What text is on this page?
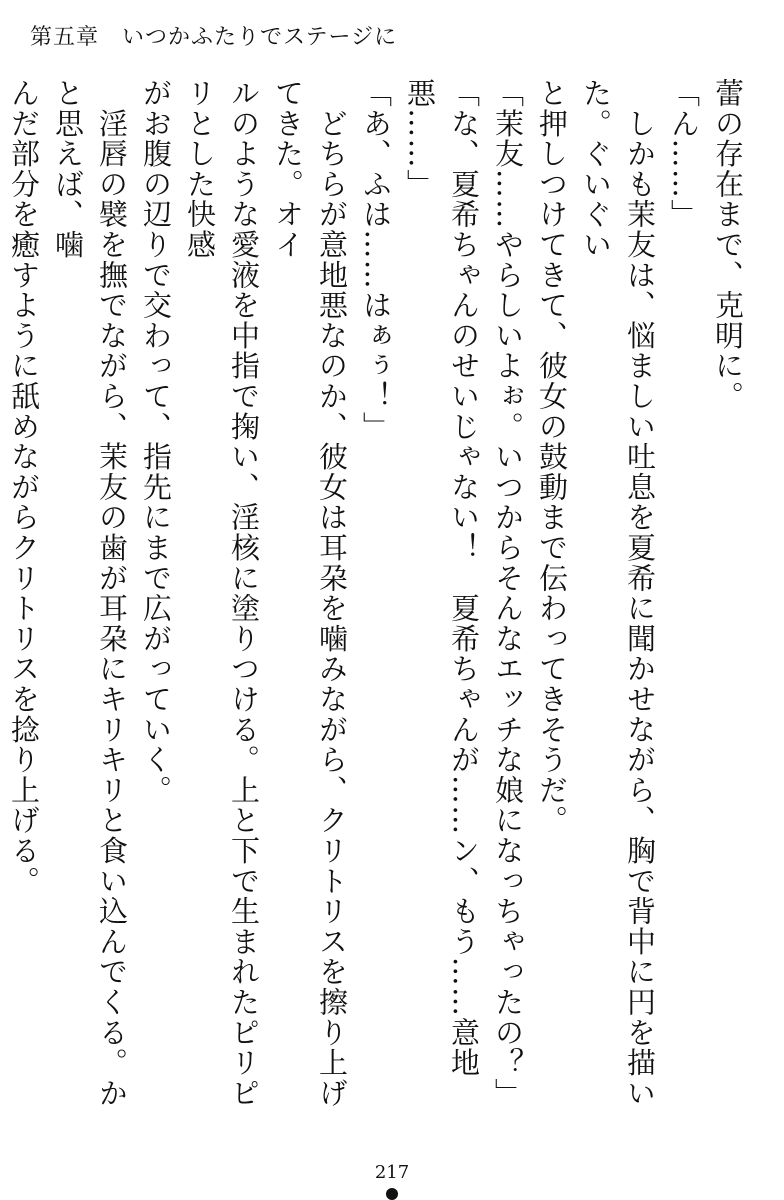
第五章　いつかふたりでステージに

蕾の存在まで、克明に。

「ん……」

　しかも茉友は、悩ましい吐息を夏希に聞かせながら、胸で背中に円を描いた。ぐいぐい

と押しつけてきて、彼女の鼓動まで伝わってきそうだ。

「茉友……やらしいよぉ。いつからそんなエッチな娘になっちゃったの？」

「な、夏希ちゃんのせいじゃない！　夏希ちゃんが……ン、もう……意地悪……」

「あ、ふは……はぁぅ！」

　どちらが意地悪なのか、彼女は耳朶を噛みながら、クリトリスを擦り上げてきた。オイ

ルのような愛液を中指で掬い、淫核に塗りつける。上と下で生まれたピリピリとした快感

がお腹の辺りで交わって、指先にまで広がっていく。

　淫唇の襞を撫でながら、茉友の歯が耳朶にキリキリと食い込んでくる。かと思えば、噛

んだ部分を癒すように舐めながらクリトリスを捻り上げる。

217
